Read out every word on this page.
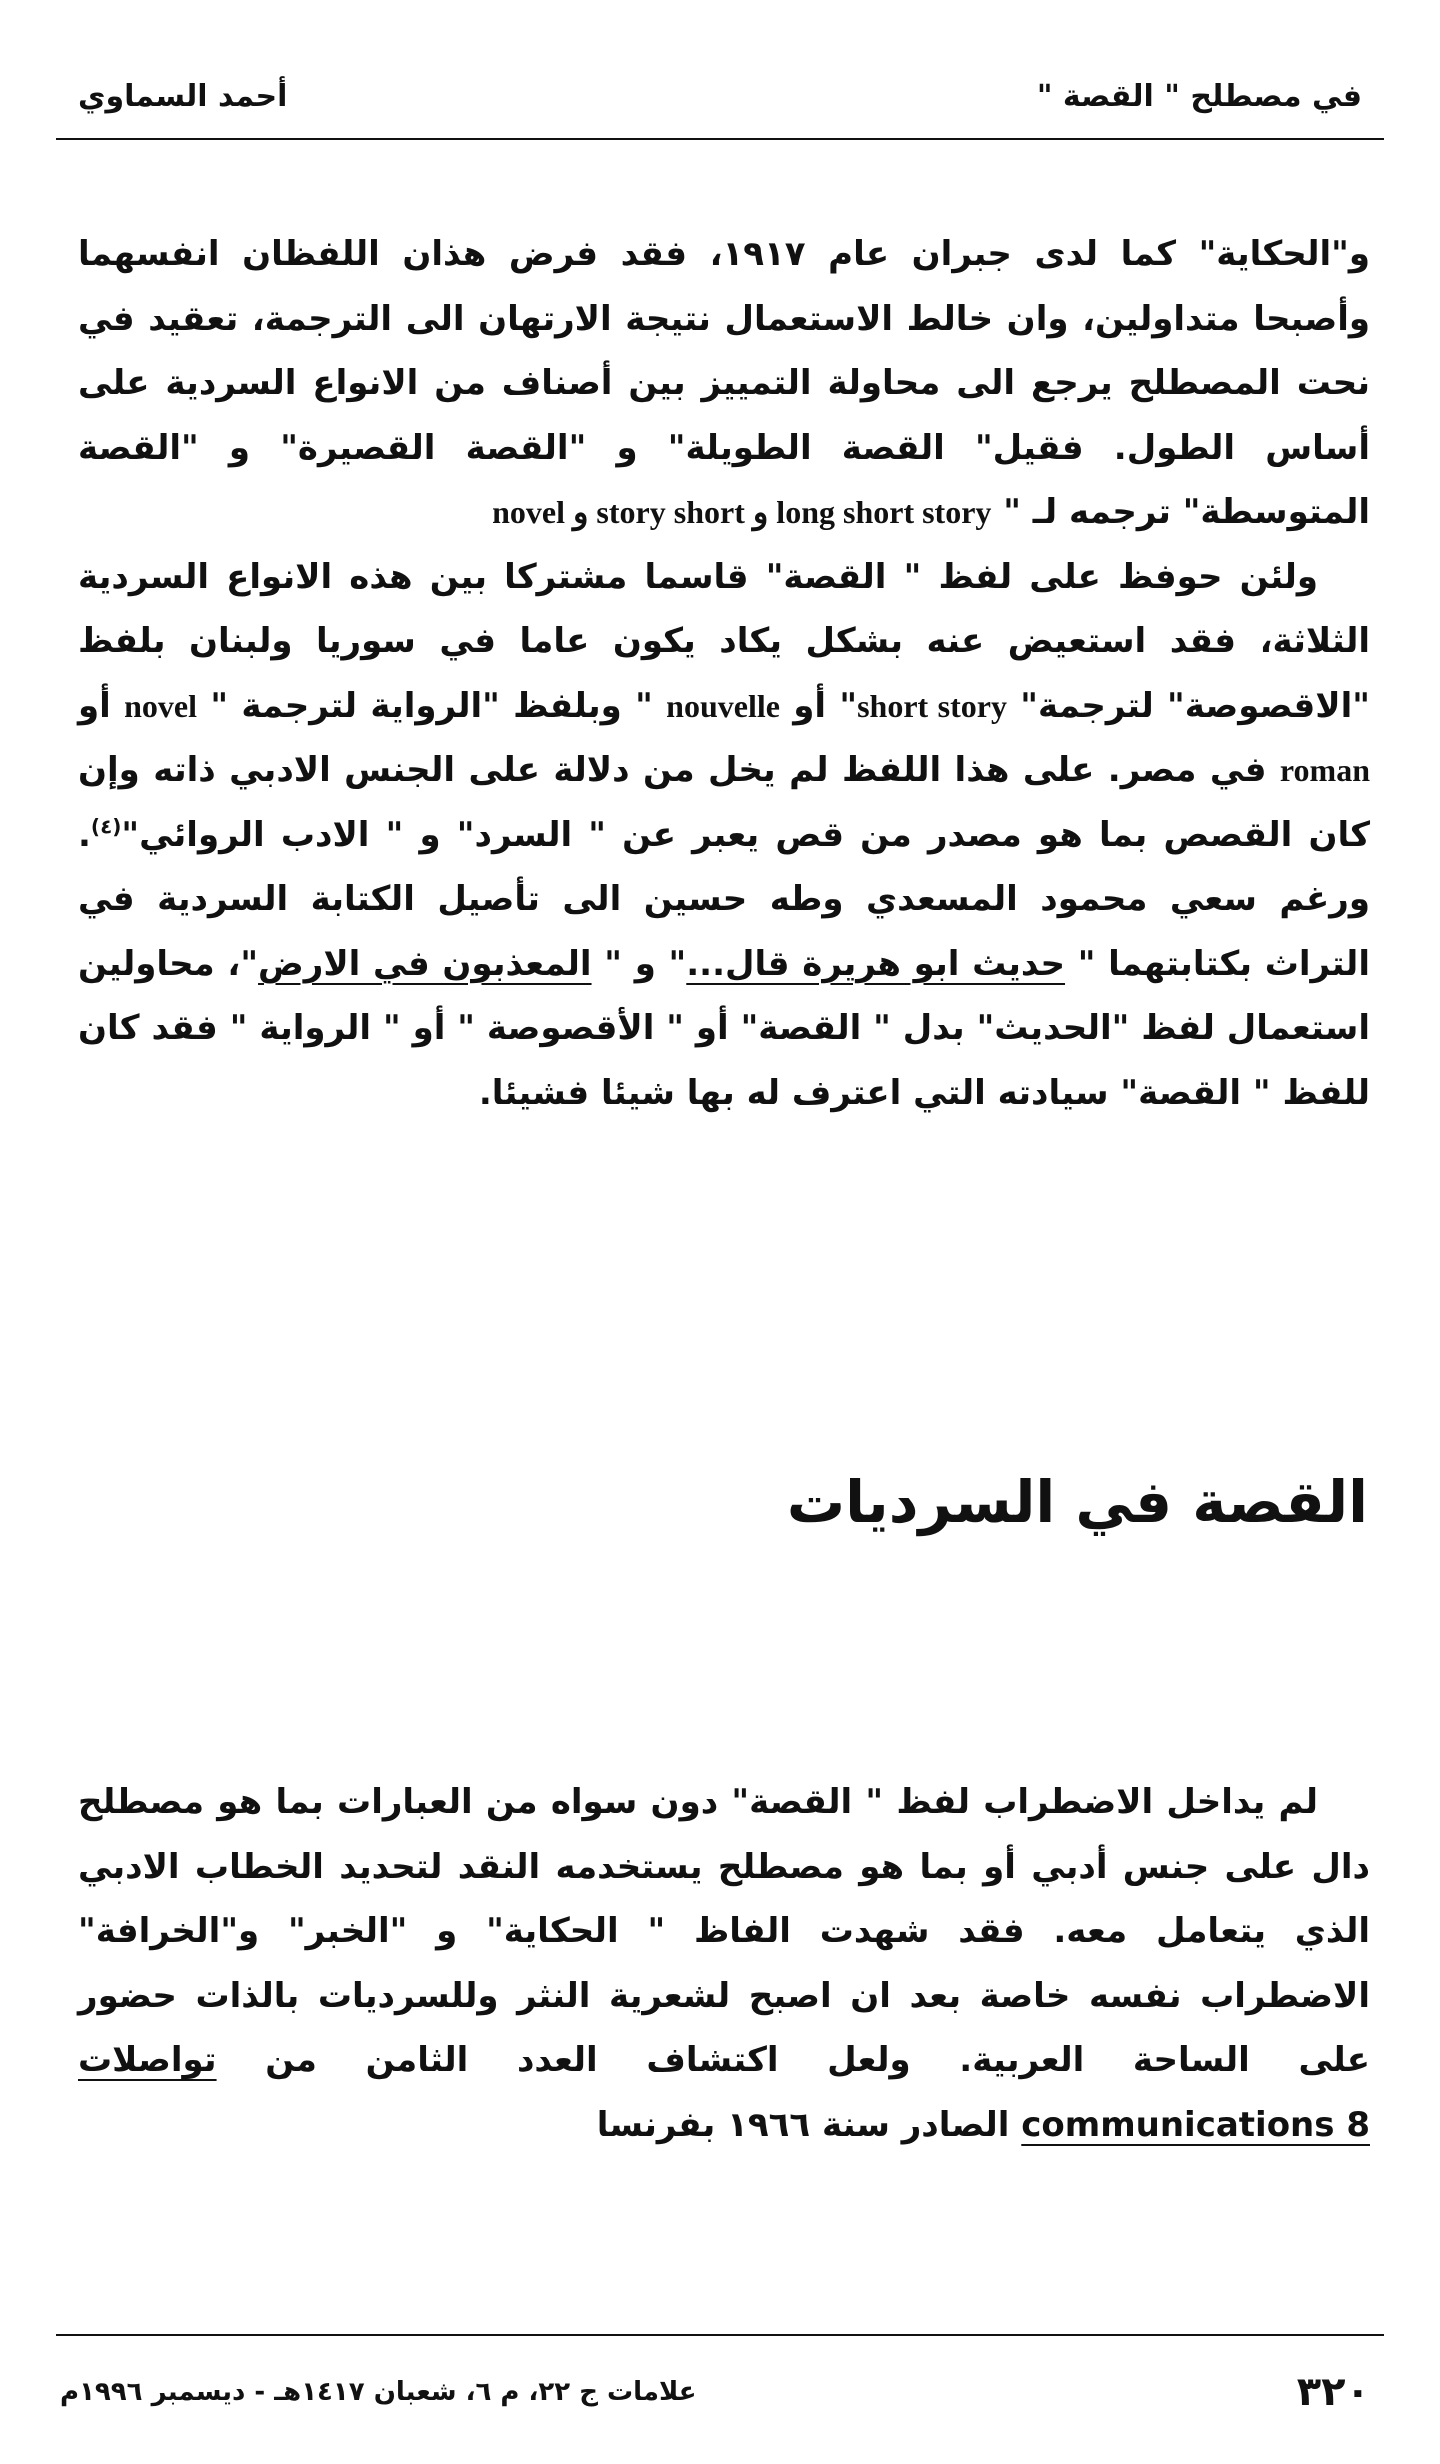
في مصطلح " القصة "
أحمد السماوي

و"الحكاية" كما لدى جبران عام ١٩١٧، فقد فرض هذان اللفظان انفسهما وأصبحا متداولين، وان خالط الاستعمال نتيجة الارتهان الى الترجمة، تعقيد في نحت المصطلح يرجع الى محاولة التمييز بين أصناف من الانواع السردية على أساس الطول. فقيل" القصة الطويلة" و "القصة القصيرة" و "القصة المتوسطة" ترجمه لـ " novel و story short و long short story

ولئن حوفظ على لفظ " القصة" قاسما مشتركا بين هذه الانواع السردية الثلاثة، فقد استعيض عنه بشكل يكاد يكون عاما في سوريا ولبنان بلفظ "الاقصوصة" لترجمة" short story" أو nouvelle " وبلفظ "الرواية لترجمة " novel أو roman في مصر. على هذا اللفظ لم يخل من دلالة على الجنس الادبي ذاته وإن كان القصص بما هو مصدر من قص يعبر عن " السرد" و " الادب الروائي"$^{(٤)}$. ورغم سعي محمود المسعدي وطه حسين الى تأصيل الكتابة السردية في التراث بكتابتهما " حديث ابو هريرة قال..." و " المعذبون في الارض"، محاولين استعمال لفظ "الحديث" بدل " القصة" أو " الأقصوصة " أو " الرواية " فقد كان للفظ " القصة" سيادته التي اعترف له بها شيئا فشيئا.

القصة في السرديات

لم يداخل الاضطراب لفظ " القصة" دون سواه من العبارات بما هو مصطلح دال على جنس أدبي أو بما هو مصطلح يستخدمه النقد لتحديد الخطاب الادبي الذي يتعامل معه. فقد شهدت الفاظ " الحكاية" و "الخبر" و"الخرافة" الاضطراب نفسه خاصة بعد ان اصبح لشعرية النثر وللسرديات بالذات حضور على الساحة العربية. ولعل اكتشاف العدد الثامن من تواصلات communications 8 الصادر سنة ١٩٦٦ بفرنسا

٣٢٠
علامات ج ٢٢، م ٦، شعبان ١٤١٧هـ - ديسمبر ١٩٩٦م
